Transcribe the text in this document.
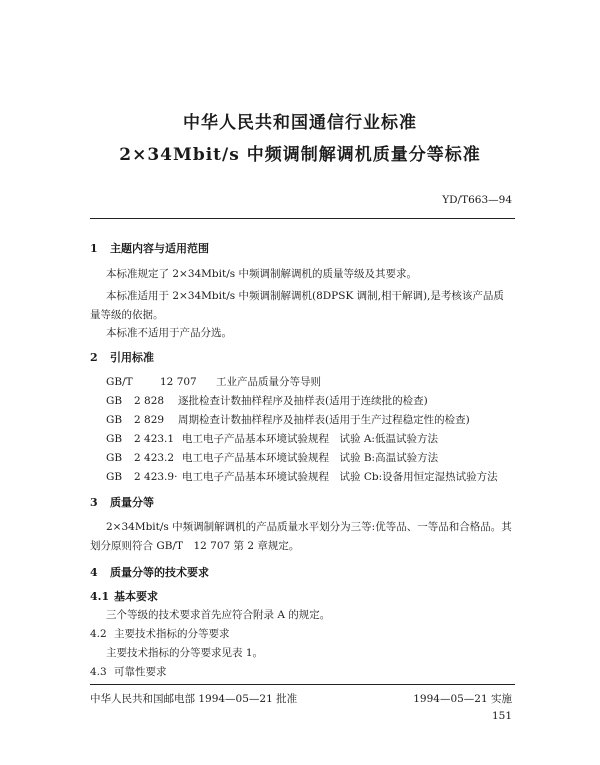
中华人民共和国通信行业标准
2×34Mbit/s 中频调制解调机质量分等标准
YD/T663—94
1 主题内容与适用范围
本标准规定了 2×34Mbit/s 中频调制解调机的质量等级及其要求。
本标准适用于 2×34Mbit/s 中频调制解调机(8DPSK 调制,相干解调),是考核该产品质
量等级的依据。
本标准不适用于产品分选。
2 引用标准
GB/T	12 707 工业产品质量分等导则
GB 2 828 逐批检查计数抽样程序及抽样表(适用于连续批的检查)
GB 2 829 周期检查计数抽样程序及抽样表(适用于生产过程稳定性的检查)
GB 2 423.1 电工电子产品基本环境试验规程　试验 A:低温试验方法
GB 2 423.2 电工电子产品基本环境试验规程　试验 B:高温试验方法
GB 2 423.9· 电工电子产品基本环境试验规程　试验 Cb:设备用恒定湿热试验方法
3 质量分等
2×34Mbit/s 中频调制解调机的产品质量水平划分为三等:优等品、一等品和合格品。其
划分原则符合 GB/T　12 707 第 2 章规定。
4 质量分等的技术要求
4.1 基本要求
三个等级的技术要求首先应符合附录 A 的规定。
4.2 主要技术指标的分等要求
主要技术指标的分等要求见表 1。
4.3 可靠性要求
中华人民共和国邮电部 1994—05—21 批准	1994—05—21 实施
151
